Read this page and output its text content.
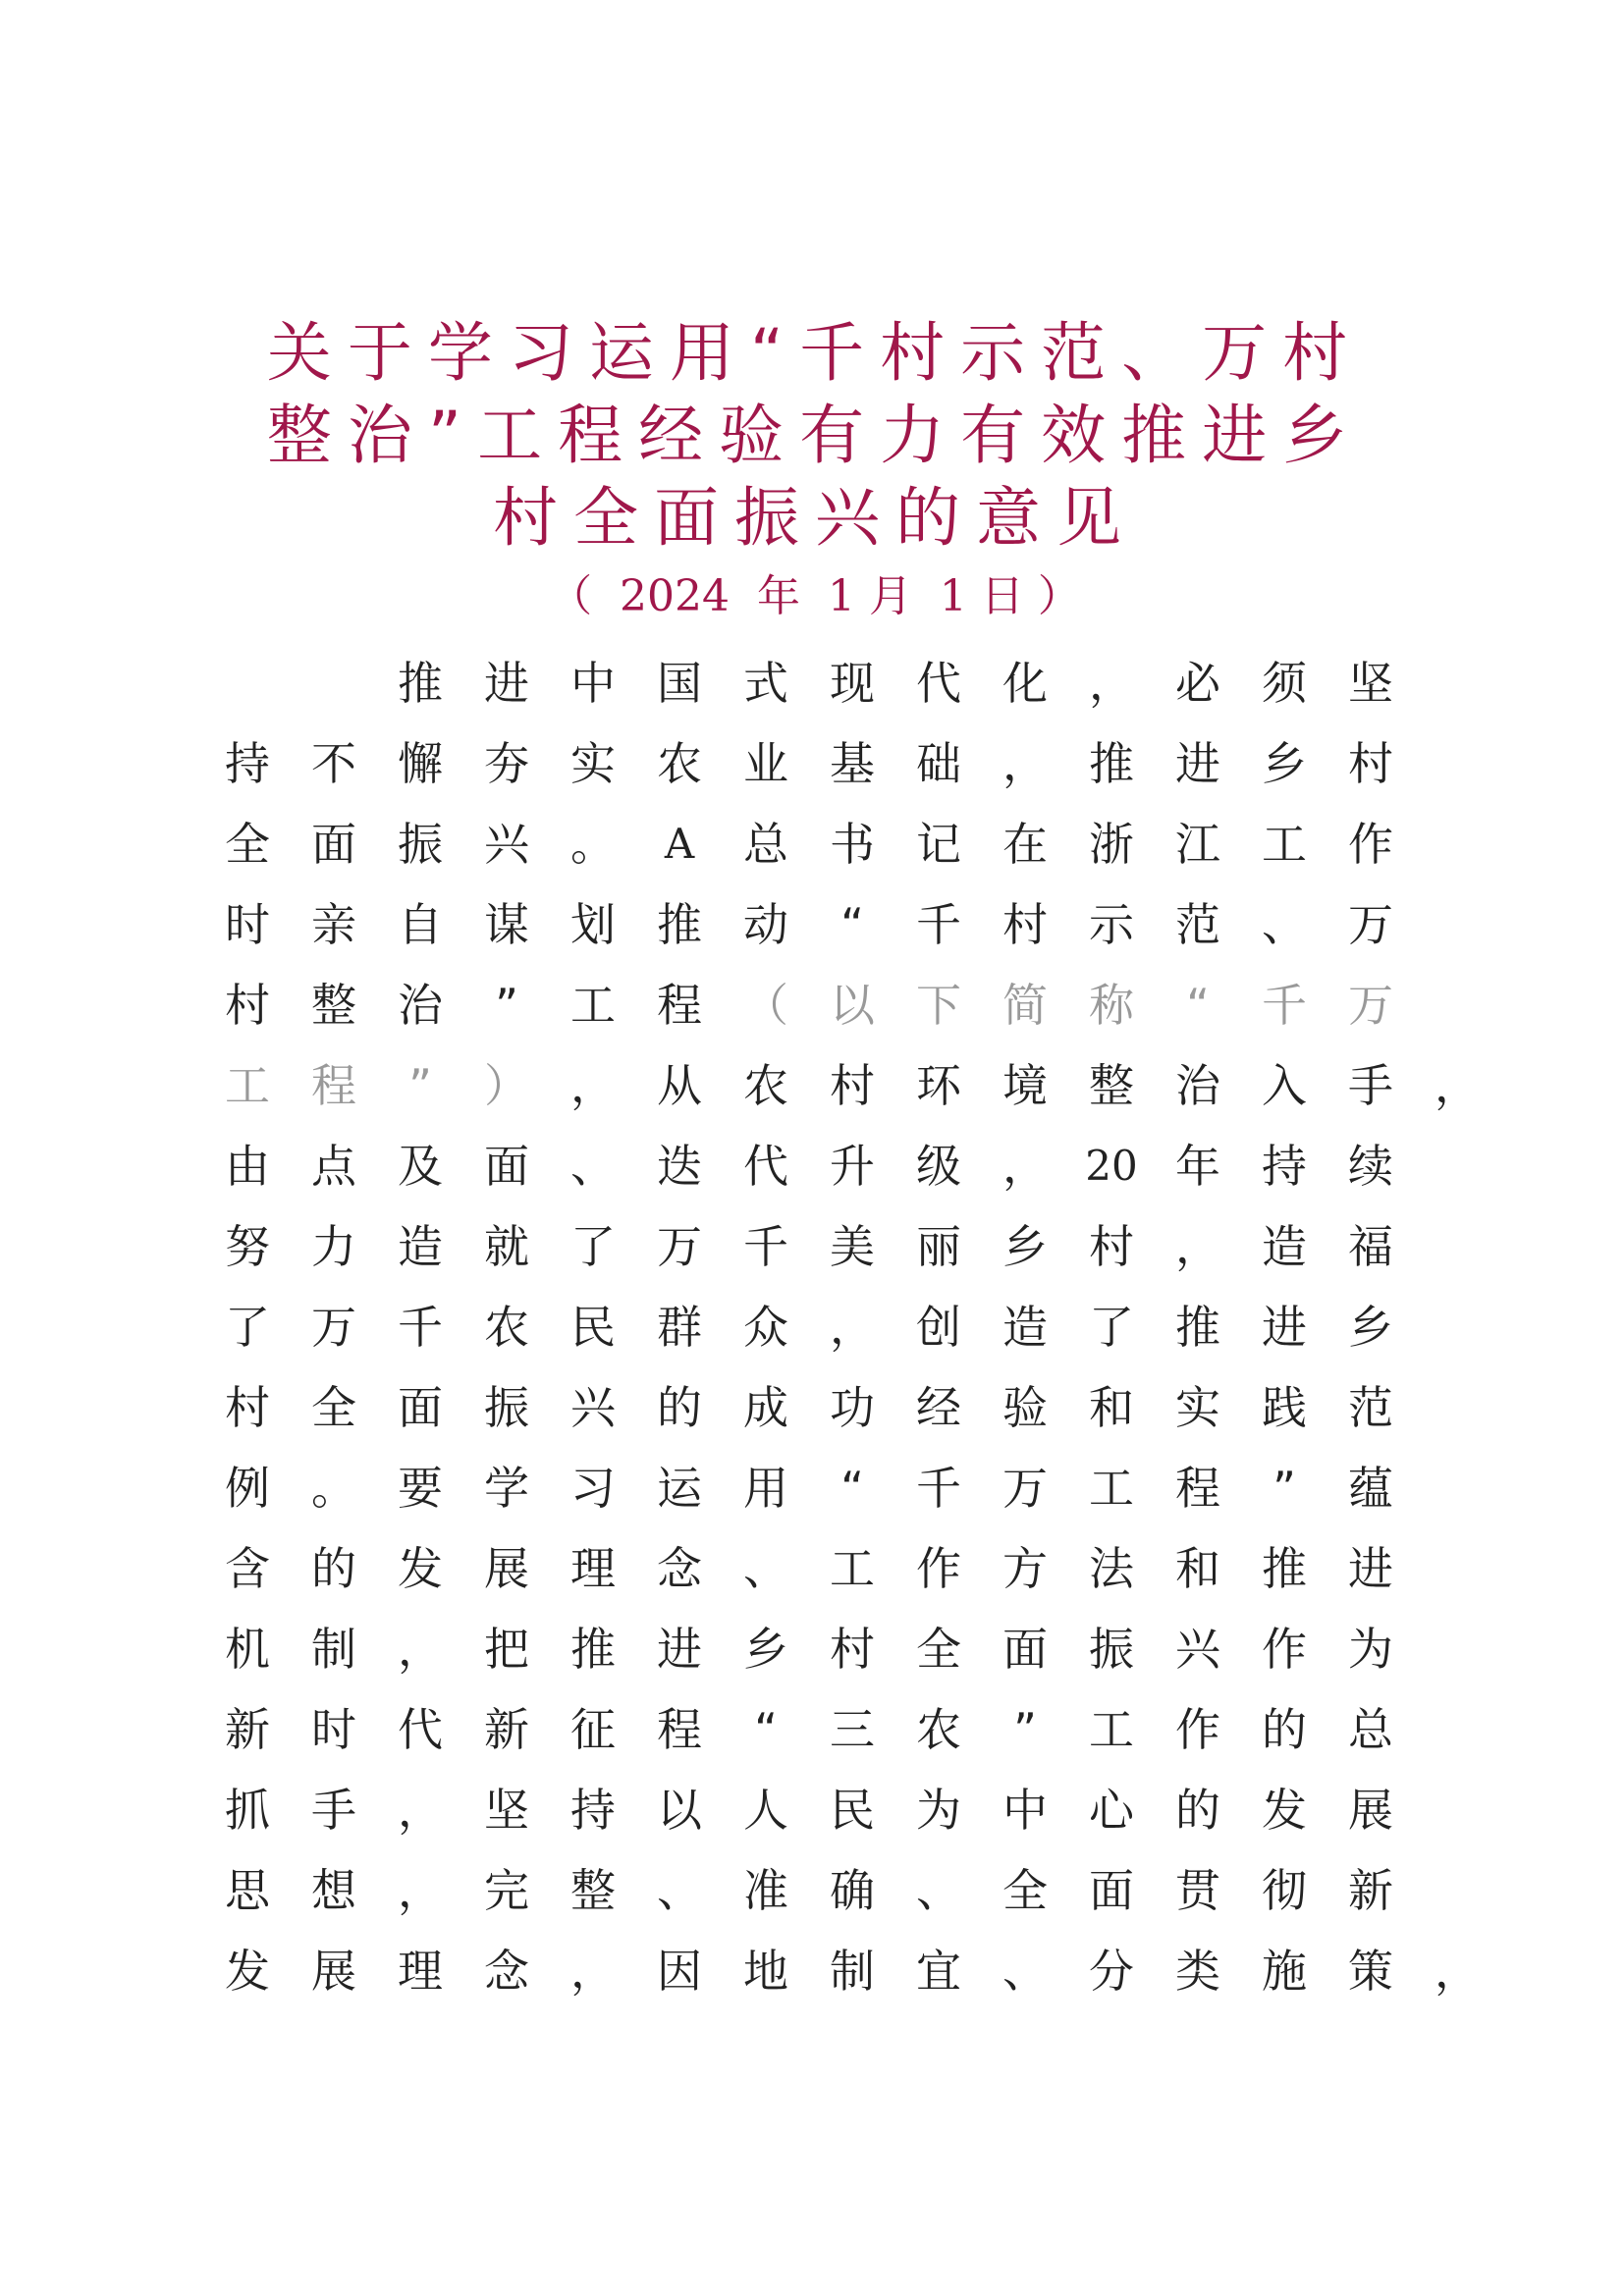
关于学习运用“千村示范、万村
整治”工程经验有力有效推进乡
村全面振兴的意见
（  2024  年  1 月  1 日 ）
推 进 中 国 式 现 代 化 ， 必 须 坚
持 不 懈 夯 实 农 业 基 础 ， 推 进 乡 村
全 面 振 兴 。	A	总 书 记 在 浙 江 工 作
时 亲 自 谋 划 推 动	“	千 村 示 范 、 万
村 整 治	”	工 程 （ 以 下 简 称	“	千 万
工 程	”	） ， 从 农 村 环 境 整 治 入 手 ，
由 点 及 面 、 迭 代 升 级 ， 20 年 持 续
努 力 造 就 了 万 千 美 丽 乡 村 ， 造 福
了 万 千 农 民 群 众 ， 创 造 了 推 进 乡
村 全 面 振 兴 的 成 功 经 验 和 实 践 范
例 。 要 学 习 运 用	“	千 万 工 程	”	蕴
含 的 发 展 理 念 、 工 作 方 法 和 推 进
机 制 ， 把 推 进 乡 村 全 面 振 兴 作 为
新 时 代 新 征 程	“	三 农	”	工 作 的 总
抓 手 ， 坚 持 以 人 民 为 中 心 的 发 展
思 想 ， 完 整 、 准 确 、 全 面 贯 彻 新
发 展 理 念 ， 因 地 制 宜 、 分 类 施 策 ，
